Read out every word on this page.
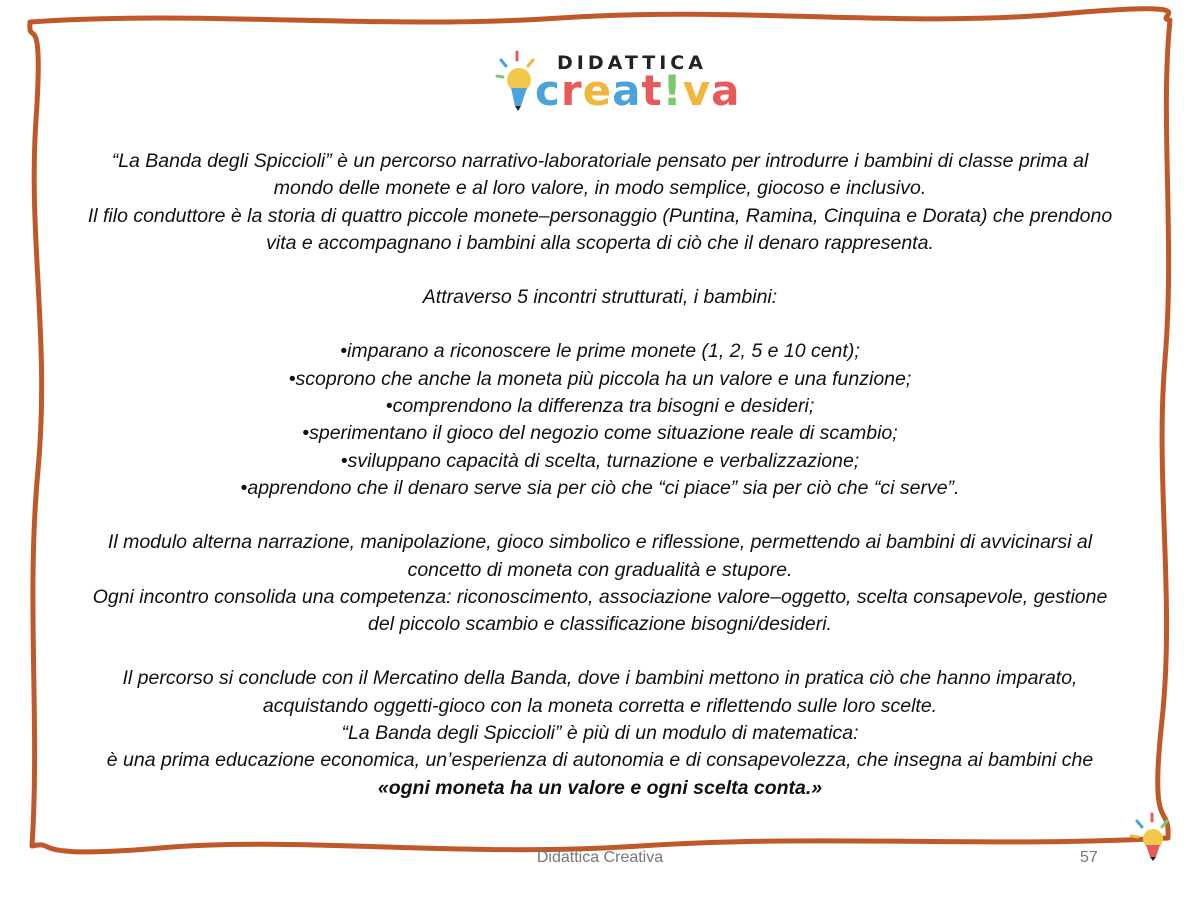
DIDATTICA
creat!va

“La Banda degli Spiccioli” è un percorso narrativo-laboratoriale pensato per introdurre i bambini di classe prima al mondo delle monete e al loro valore, in modo semplice, giocoso e inclusivo.

Il filo conduttore è la storia di quattro piccole monete–personaggio (Puntina, Ramina, Cinquina e Dorata) che prendono vita e accompagnano i bambini alla scoperta di ciò che il denaro rappresenta.

Attraverso 5 incontri strutturati, i bambini:

•imparano a riconoscere le prime monete (1, 2, 5 e 10 cent);
•scoprono che anche la moneta più piccola ha un valore e una funzione;
•comprendono la differenza tra bisogni e desideri;
•sperimentano il gioco del negozio come situazione reale di scambio;
•sviluppano capacità di scelta, turnazione e verbalizzazione;
•apprendono che il denaro serve sia per ciò che “ci piace” sia per ciò che “ci serve”.

Il modulo alterna narrazione, manipolazione, gioco simbolico e riflessione, permettendo ai bambini di avvicinarsi al concetto di moneta con gradualità e stupore.

Ogni incontro consolida una competenza: riconoscimento, associazione valore–oggetto, scelta consapevole, gestione del piccolo scambio e classificazione bisogni/desideri.

Il percorso si conclude con il Mercatino della Banda, dove i bambini mettono in pratica ciò che hanno imparato, acquistando oggetti-gioco con la moneta corretta e riflettendo sulle loro scelte.

“La Banda degli Spiccioli” è più di un modulo di matematica:

è una prima educazione economica, un’esperienza di autonomia e di consapevolezza, che insegna ai bambini che «ogni moneta ha un valore e ogni scelta conta.»

Didattica Creativa	57
